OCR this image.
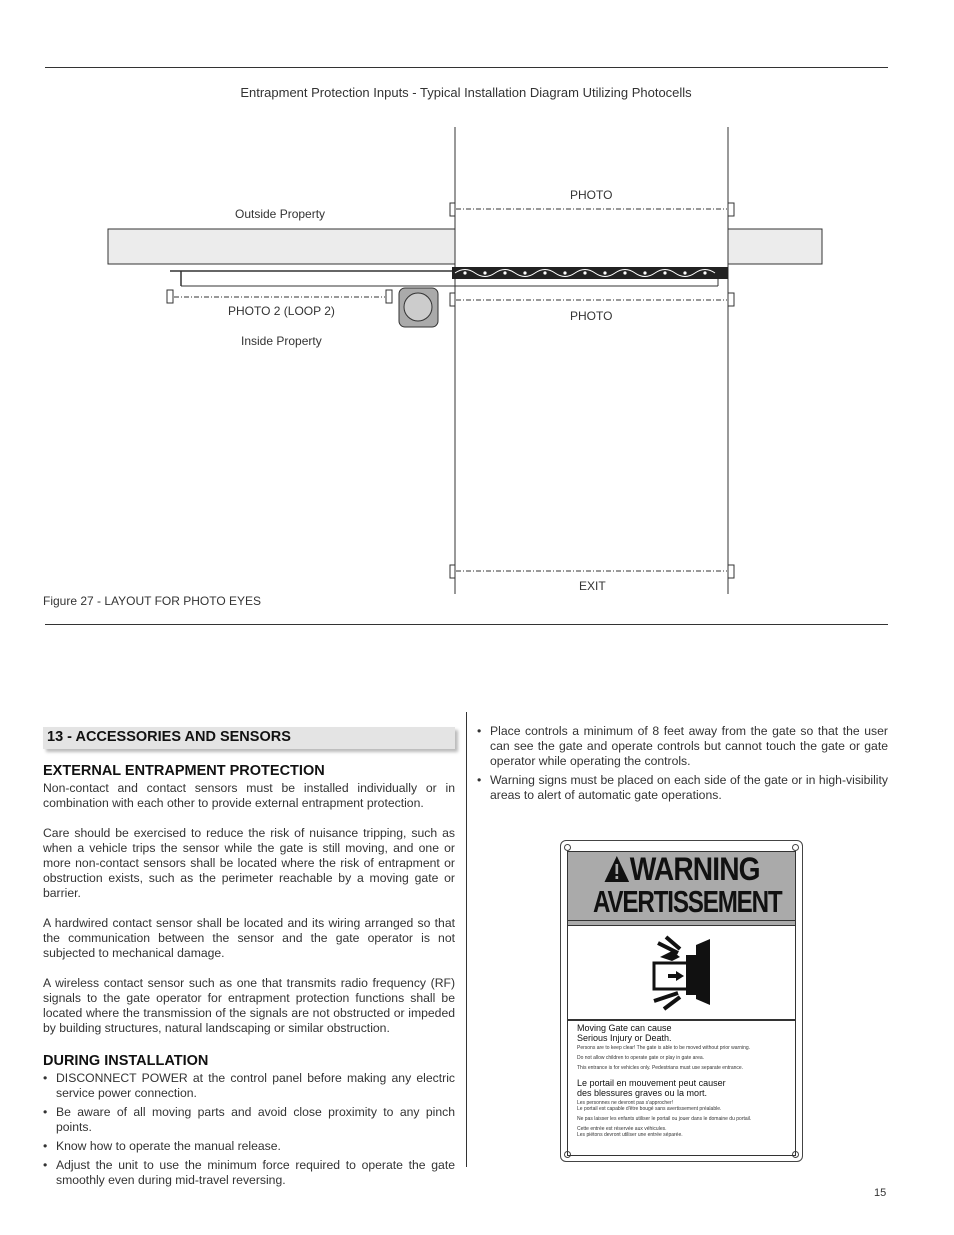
Entrapment Protection Inputs - Typical Installation Diagram Utilizing Photocells
PHOTO
Outside Property
PHOTO 2 (LOOP 2)	PHOTO
Inside Property
EXIT
Figure 27 - LAYOUT FOR PHOTO EYES
13 - ACCESSORIES AND SENSORS
EXTERNAL ENTRAPMENT PROTECTION

Non-contact and contact sensors must be installed individually or in combination with each other to provide external entrapment protection.

Care should be exercised to reduce the risk of nuisance tripping, such as when a vehicle trips the sensor while the gate is still moving, and one or more non-contact sensors shall be located where the risk of entrapment or obstruction exists, such as the perimeter reachable by a moving gate or barrier.

A hardwired contact sensor shall be located and its wiring arranged so that the communication between the sensor and the gate operator is not subjected to mechanical damage.

A wireless contact sensor such as one that transmits radio frequency (RF) signals to the gate operator for entrapment protection functions shall be located where the transmission of the signals are not obstructed or impeded by building structures, natural landscaping or similar obstruction.

DURING INSTALLATION
• DISCONNECT POWER at the control panel before making any electric service power connection.
• Be aware of all moving parts and avoid close proximity to any pinch points.
• Know how to operate the manual release.
• Adjust the unit to use the minimum force required to operate the gate smoothly even during mid-travel reversing.
• Place controls a minimum of 8 feet away from the gate so that the user can see the gate and operate controls but cannot touch the gate or gate operator while operating the controls.
• Warning signs must be placed on each side of the gate or in high-visibility areas to alert of automatic gate operations.
WARNING
AVERTISSEMENT
Moving Gate can cause
Serious Injury or Death.
Persons are to keep clear! The gate is able to be moved without prior warning.
Do not allow children to operate gate or play in gate area.
This entrance is for vehicles only. Pedestrians must use separate entrance.
Le portail en mouvement peut causer
des blessures graves ou la mort.
Les personnes ne devront pas s'approcher!
Le portail est capable d'être bougé sans avertissement préalable.
Ne pas laisser les enfants utiliser le portail ou jouer dans le domaine du portail.
Cette entrée est réservée aux véhicules.
Les piétons devront utiliser une entrée séparée.
15
